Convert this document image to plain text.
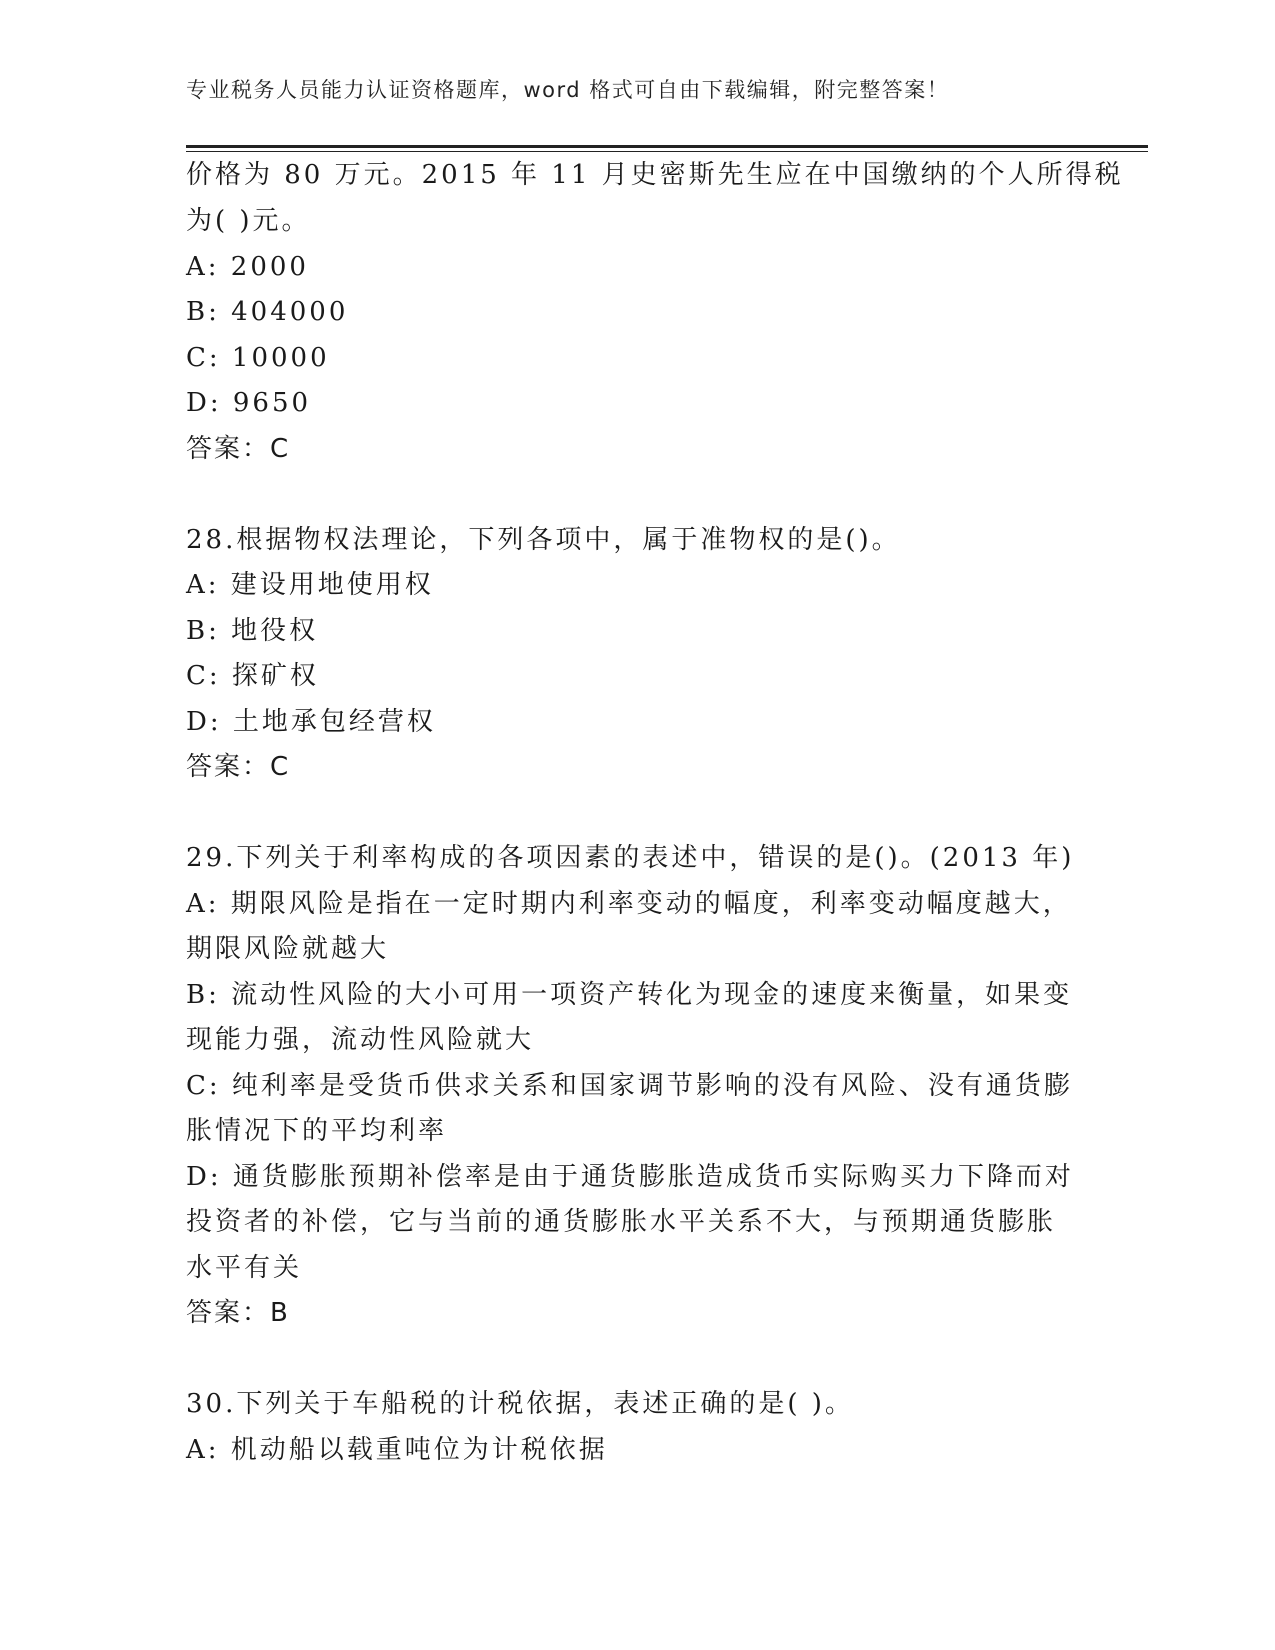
专业税务人员能力认证资格题库，word 格式可自由下载编辑，附完整答案！
价格为 80 万元。2015 年 11 月史密斯先生应在中国缴纳的个人所得税
为( )元。
A: 2000
B: 404000
C: 10000
D: 9650
答案：C
28.根据物权法理论，下列各项中，属于准物权的是()。
A: 建设用地使用权
B: 地役权
C: 探矿权
D: 土地承包经营权
答案：C
29.下列关于利率构成的各项因素的表述中，错误的是()。(2013 年)
A: 期限风险是指在一定时期内利率变动的幅度，利率变动幅度越大，
期限风险就越大
B: 流动性风险的大小可用一项资产转化为现金的速度来衡量，如果变
现能力强，流动性风险就大
C: 纯利率是受货币供求关系和国家调节影响的没有风险、没有通货膨
胀情况下的平均利率
D: 通货膨胀预期补偿率是由于通货膨胀造成货币实际购买力下降而对
投资者的补偿，它与当前的通货膨胀水平关系不大，与预期通货膨胀
水平有关
答案：B
30.下列关于车船税的计税依据，表述正确的是( )。
A: 机动船以载重吨位为计税依据
